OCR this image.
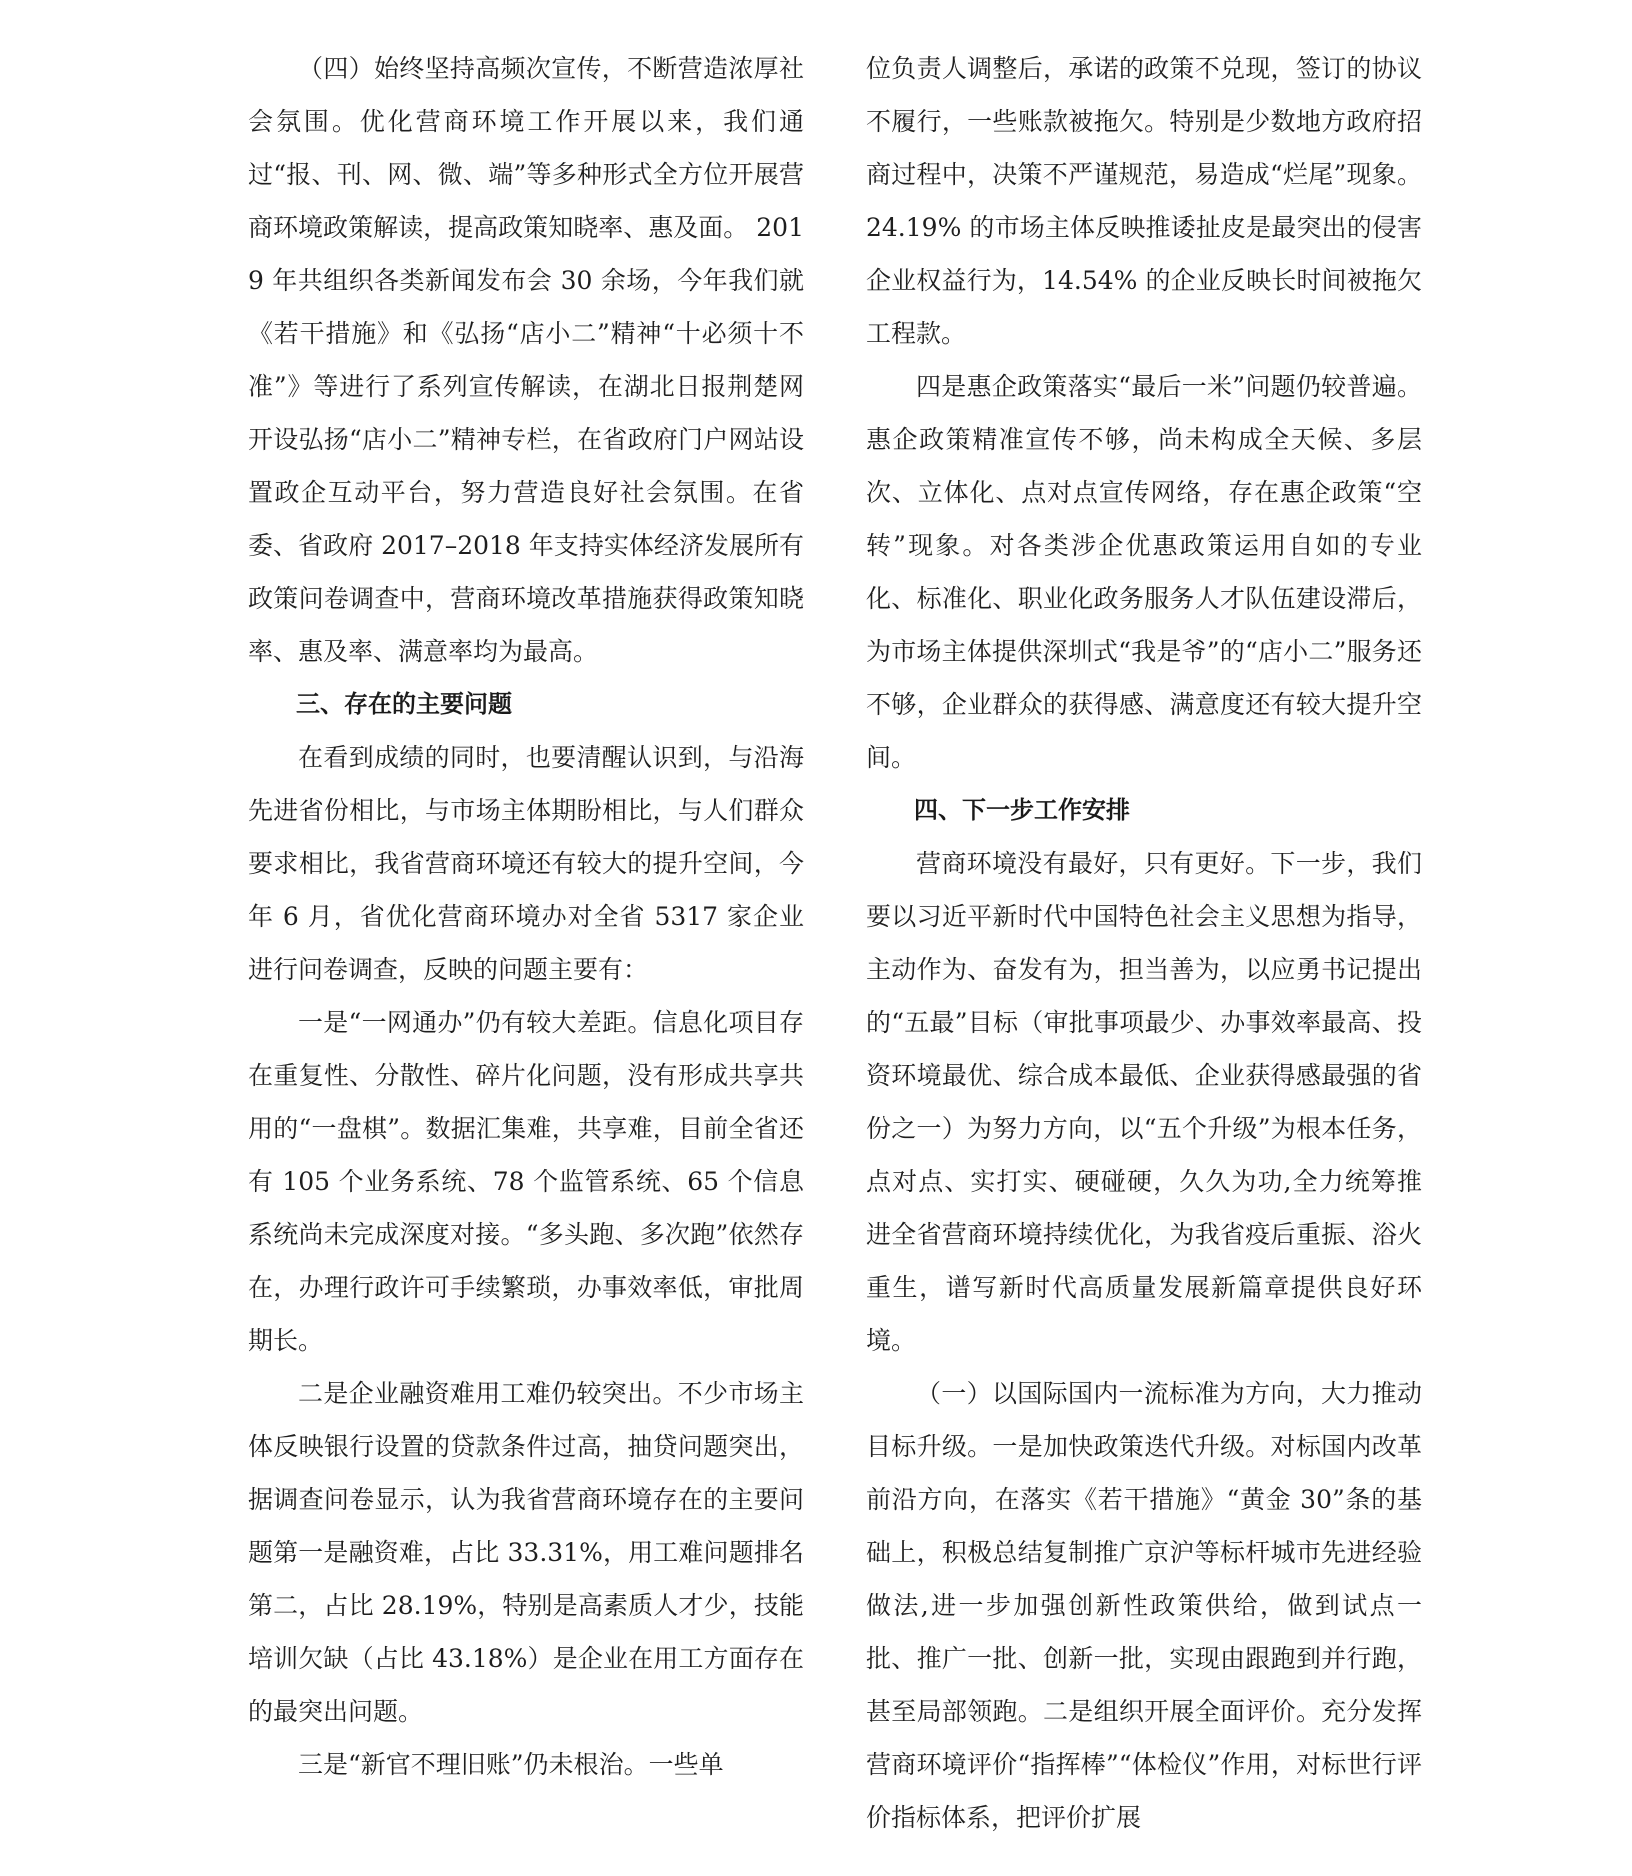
（四）始终坚持高频次宣传，不断营造浓厚社会氛围。优化营商环境工作开展以来，我们通过“报、刊、网、微、端”等多种形式全方位开展营商环境政策解读，提高政策知晓率、惠及面。 2019 年共组织各类新闻发布会 30 余场，今年我们就《若干措施》和《弘扬“店小二”精神“十必须十不准”》等进行了系列宣传解读，在湖北日报荆楚网开设弘扬“店小二”精神专栏，在省政府门户网站设置政企互动平台，努力营造良好社会氛围。在省委、省政府 2017–2018 年支持实体经济发展所有政策问卷调查中，营商环境改革措施获得政策知晓率、惠及率、满意率均为最高。

三、存在的主要问题

在看到成绩的同时，也要清醒认识到，与沿海先进省份相比，与市场主体期盼相比，与人们群众要求相比，我省营商环境还有较大的提升空间，今年 6 月，省优化营商环境办对全省 5317 家企业进行问卷调查，反映的问题主要有：

一是“一网通办”仍有较大差距。信息化项目存在重复性、分散性、碎片化问题，没有形成共享共用的“一盘棋”。数据汇集难，共享难，目前全省还有 105 个业务系统、78 个监管系统、65 个信息系统尚未完成深度对接。“多头跑、多次跑”依然存在，办理行政许可手续繁琐，办事效率低，审批周期长。

二是企业融资难用工难仍较突出。不少市场主体反映银行设置的贷款条件过高，抽贷问题突出，据调查问卷显示，认为我省营商环境存在的主要问题第一是融资难，占比 33.31%，用工难问题排名第二，占比 28.19%，特别是高素质人才少，技能培训欠缺（占比 43.18%）是企业在用工方面存在的最突出问题。

三是“新官不理旧账”仍未根治。一些单

位负责人调整后，承诺的政策不兑现，签订的协议不履行，一些账款被拖欠。特别是少数地方政府招商过程中，决策不严谨规范，易造成“烂尾”现象。24.19% 的市场主体反映推诿扯皮是最突出的侵害企业权益行为，14.54% 的企业反映长时间被拖欠工程款。

四是惠企政策落实“最后一米”问题仍较普遍。惠企政策精准宣传不够，尚未构成全天候、多层次、立体化、点对点宣传网络，存在惠企政策“空转”现象。对各类涉企优惠政策运用自如的专业化、标准化、职业化政务服务人才队伍建设滞后，为市场主体提供深圳式“我是爷”的“店小二”服务还不够，企业群众的获得感、满意度还有较大提升空间。

四、下一步工作安排

营商环境没有最好，只有更好。下一步，我们要以习近平新时代中国特色社会主义思想为指导，主动作为、奋发有为，担当善为，以应勇书记提出的“五最”目标（审批事项最少、办事效率最高、投资环境最优、综合成本最低、企业获得感最强的省份之一）为努力方向，以“五个升级”为根本任务，点对点、实打实、硬碰硬，久久为功,全力统筹推进全省营商环境持续优化，为我省疫后重振、浴火重生，谱写新时代高质量发展新篇章提供良好环境。

（一）以国际国内一流标准为方向，大力推动目标升级。一是加快政策迭代升级。对标国内改革前沿方向，在落实《若干措施》“黄金 30”条的基础上，积极总结复制推广京沪等标杆城市先进经验做法,进一步加强创新性政策供给，做到试点一批、推广一批、创新一批，实现由跟跑到并行跑，甚至局部领跑。二是组织开展全面评价。充分发挥营商环境评价“指挥棒”“体检仪”作用，对标世行评价指标体系，把评价扩展
